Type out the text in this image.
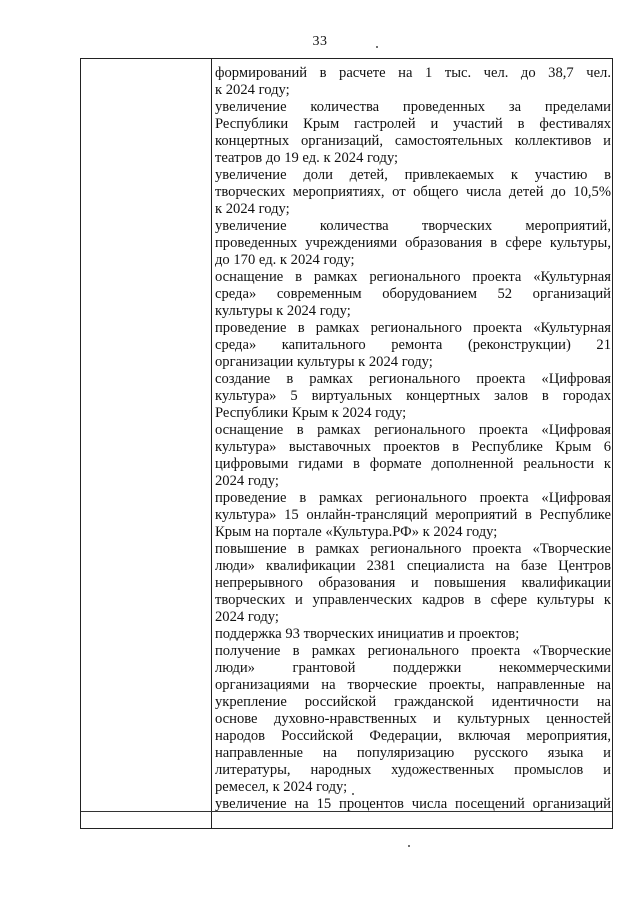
33
формирований в расчете на 1 тыс. чел. до 38,7 чел.
к 2024 году;
увеличение количества проведенных за пределами
Республики Крым гастролей и участий в фестивалях
концертных организаций, самостоятельных коллективов и
театров до 19 ед. к 2024 году;
увеличение доли детей, привлекаемых к участию в
творческих мероприятиях, от общего числа детей до 10,5%
к 2024 году;
увеличение количества творческих мероприятий,
проведенных учреждениями образования в сфере культуры,
до 170 ед. к 2024 году;
оснащение в рамках регионального проекта «Культурная
среда» современным оборудованием 52 организаций
культуры к 2024 году;
проведение в рамках регионального проекта «Культурная
среда» капитального ремонта (реконструкции) 21
организации культуры к 2024 году;
создание в рамках регионального проекта «Цифровая
культура» 5 виртуальных концертных залов в городах
Республики Крым к 2024 году;
оснащение в рамках регионального проекта «Цифровая
культура» выставочных проектов в Республике Крым 6
цифровыми гидами в формате дополненной реальности к
2024 году;
проведение в рамках регионального проекта «Цифровая
культура» 15 онлайн-трансляций мероприятий в Республике
Крым на портале «Культура.РФ» к 2024 году;
повышение в рамках регионального проекта «Творческие
люди» квалификации 2381 специалиста на базе Центров
непрерывного образования и повышения квалификации
творческих и управленческих кадров в сфере культуры к
2024 году;
поддержка 93 творческих инициатив и проектов;
получение в рамках регионального проекта «Творческие
люди» грантовой поддержки некоммерческими
организациями на творческие проекты, направленные на
укрепление российской гражданской идентичности на
основе духовно-нравственных и культурных ценностей
народов Российской Федерации, включая мероприятия,
направленные на популяризацию русского языка и
литературы, народных художественных промыслов и
ремесел, к 2024 году;
увеличение на 15 процентов числа посещений организаций
